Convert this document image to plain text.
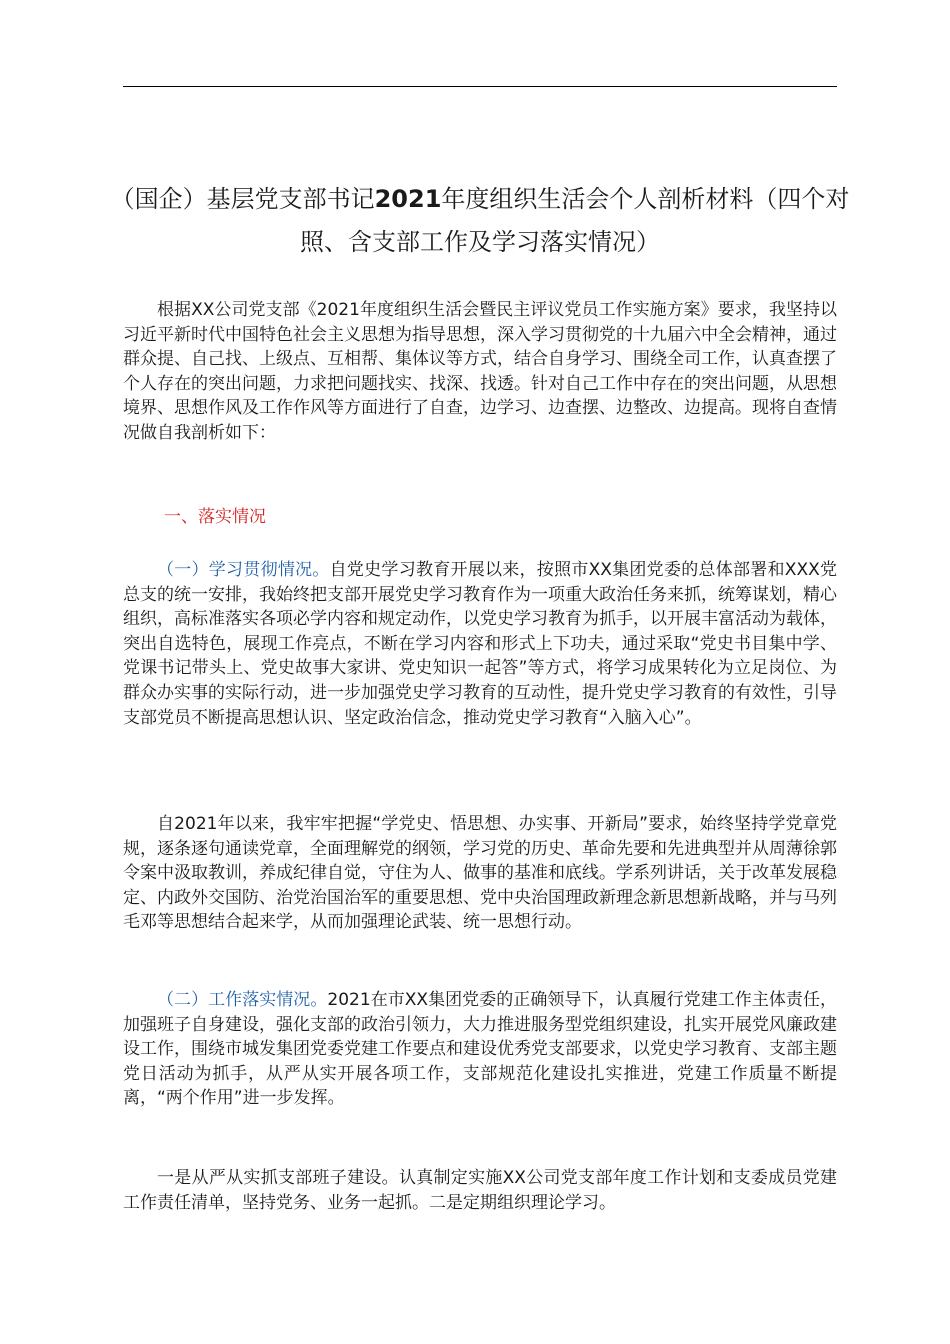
（国企）基层党支部书记2021年度组织生活会个人剖析材料（四个对照、含支部工作及学习落实情况）

根据XX公司党支部《2021年度组织生活会暨民主评议党员工作实施方案》要求，我坚持以习近平新时代中国特色社会主义思想为指导思想，深入学习贯彻党的十九届六中全会精神，通过群众提、自己找、上级点、互相帮、集体议等方式，结合自身学习、围绕全司工作，认真查摆了个人存在的突出问题，力求把问题找实、找深、找透。针对自己工作中存在的突出问题，从思想境界、思想作风及工作作风等方面进行了自查，边学习、边查摆、边整改、边提高。现将自查情况做自我剖析如下：

一、落实情况

（一）学习贯彻情况。自党史学习教育开展以来，按照市XX集团党委的总体部署和XXX党总支的统一安排，我始终把支部开展党史学习教育作为一项重大政治任务来抓，统筹谋划，精心组织，高标准落实各项必学内容和规定动作，以党史学习教育为抓手，以开展丰富活动为载体，突出自选特色，展现工作亮点，不断在学习内容和形式上下功夫，通过采取“党史书目集中学、党课书记带头上、党史故事大家讲、党史知识一起答”等方式，将学习成果转化为立足岗位、为群众办实事的实际行动，进一步加强党史学习教育的互动性，提升党史学习教育的有效性，引导支部党员不断提高思想认识、坚定政治信念，推动党史学习教育“入脑入心”。

自2021年以来，我牢牢把握“学党史、悟思想、办实事、开新局”要求，始终坚持学党章党规，逐条逐句通读党章，全面理解党的纲领，学习党的历史、革命先要和先进典型并从周薄徐郭令案中汲取教训，养成纪律自觉，守住为人、做事的基准和底线。学系列讲话，关于改革发展稳定、内政外交国防、治党治国治军的重要思想、党中央治国理政新理念新思想新战略，并与马列毛邓等思想结合起来学，从而加强理论武装、统一思想行动。

（二）工作落实情况。2021在市XX集团党委的正确领导下，认真履行党建工作主体责任，加强班子自身建设，强化支部的政治引领力，大力推进服务型党组织建设，扎实开展党风廉政建设工作，围绕市城发集团党委党建工作要点和建设优秀党支部要求，以党史学习教育、支部主题党日活动为抓手，从严从实开展各项工作，支部规范化建设扎实推进，党建工作质量不断提离，“两个作用”进一步发挥。

一是从严从实抓支部班子建设。认真制定实施XX公司党支部年度工作计划和支委成员党建工作责任清单，坚持党务、业务一起抓。二是定期组织理论学习。
